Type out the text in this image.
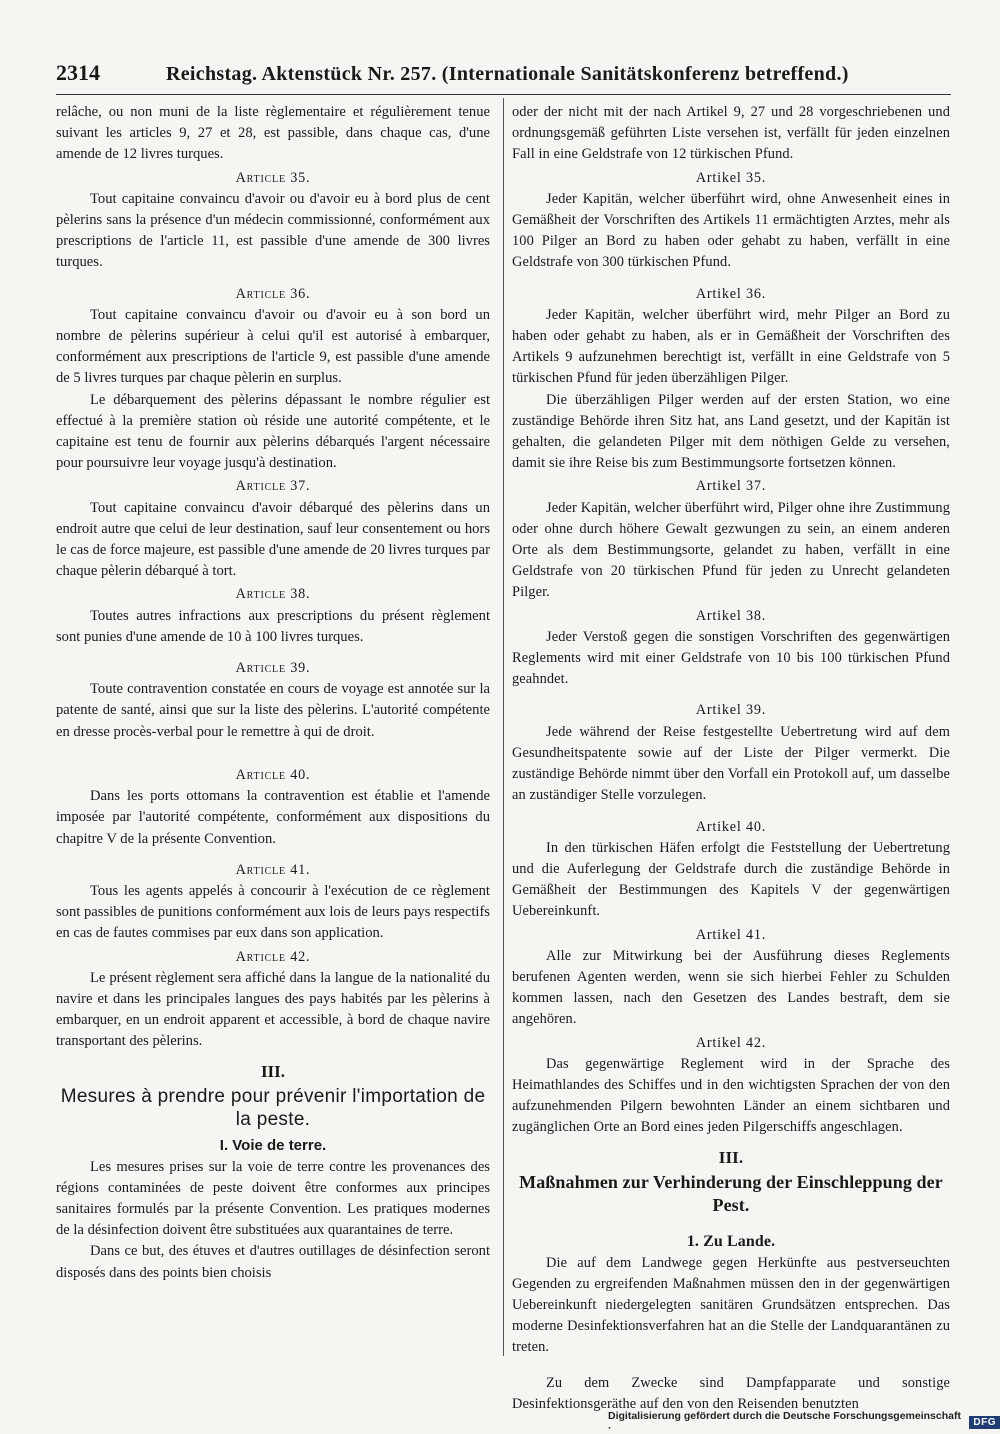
2314	Reichstag. Aktenstück Nr. 257. (Internationale Sanitätskonferenz betreffend.)

relâche, ou non muni de la liste règlementaire et régulièrement tenue suivant les articles 9, 27 et 28, est passible, dans chaque cas, d'une amende de 12 livres turques.

Article 35.

Tout capitaine convaincu d'avoir ou d'avoir eu à bord plus de cent pèlerins sans la présence d'un médecin commissionné, conformément aux prescriptions de l'article 11, est passible d'une amende de 300 livres turques.

Article 36.

Tout capitaine convaincu d'avoir ou d'avoir eu à son bord un nombre de pèlerins supérieur à celui qu'il est autorisé à embarquer, conformément aux prescriptions de l'article 9, est passible d'une amende de 5 livres turques par chaque pèlerin en surplus.

Le débarquement des pèlerins dépassant le nombre régulier est effectué à la première station où réside une autorité compétente, et le capitaine est tenu de fournir aux pèlerins débarqués l'argent nécessaire pour poursuivre leur voyage jusqu'à destination.

Article 37.

Tout capitaine convaincu d'avoir débarqué des pèlerins dans un endroit autre que celui de leur destination, sauf leur consentement ou hors le cas de force majeure, est passible d'une amende de 20 livres turques par chaque pèlerin débarqué à tort.

Article 38.

Toutes autres infractions aux prescriptions du présent règlement sont punies d'une amende de 10 à 100 livres turques.

Article 39.

Toute contravention constatée en cours de voyage est annotée sur la patente de santé, ainsi que sur la liste des pèlerins. L'autorité compétente en dresse procès-verbal pour le remettre à qui de droit.

Article 40.

Dans les ports ottomans la contravention est établie et l'amende imposée par l'autorité compétente, conformément aux dispositions du chapitre V de la présente Convention.

Article 41.

Tous les agents appelés à concourir à l'exécution de ce règlement sont passibles de punitions conformément aux lois de leurs pays respectifs en cas de fautes commises par eux dans son application.

Article 42.

Le présent règlement sera affiché dans la langue de la nationalité du navire et dans les principales langues des pays habités par les pèlerins à embarquer, en un endroit apparent et accessible, à bord de chaque navire transportant des pèlerins.

III.
Mesures à prendre pour prévenir l'importation de la peste.
I. Voie de terre.

Les mesures prises sur la voie de terre contre les provenances des régions contaminées de peste doivent être conformes aux principes sanitaires formulés par la présente Convention. Les pratiques modernes de la désinfection doivent être substituées aux quarantaines de terre.

Dans ce but, des étuves et d'autres outillages de désinfection seront disposés dans des points bien choisis

oder der nicht mit der nach Artikel 9, 27 und 28 vorgeschriebenen und ordnungsgemäß geführten Liste versehen ist, verfällt für jeden einzelnen Fall in eine Geldstrafe von 12 türkischen Pfund.

Artikel 35.

Jeder Kapitän, welcher überführt wird, ohne Anwesenheit eines in Gemäßheit der Vorschriften des Artikels 11 ermächtigten Arztes, mehr als 100 Pilger an Bord zu haben oder gehabt zu haben, verfällt in eine Geldstrafe von 300 türkischen Pfund.

Artikel 36.

Jeder Kapitän, welcher überführt wird, mehr Pilger an Bord zu haben oder gehabt zu haben, als er in Gemäßheit der Vorschriften des Artikels 9 aufzunehmen berechtigt ist, verfällt in eine Geldstrafe von 5 türkischen Pfund für jeden überzähligen Pilger.

Die überzähligen Pilger werden auf der ersten Station, wo eine zuständige Behörde ihren Sitz hat, ans Land gesetzt, und der Kapitän ist gehalten, die gelandeten Pilger mit dem nöthigen Gelde zu versehen, damit sie ihre Reise bis zum Bestimmungsorte fortsetzen können.

Artikel 37.

Jeder Kapitän, welcher überführt wird, Pilger ohne ihre Zustimmung oder ohne durch höhere Gewalt gezwungen zu sein, an einem anderen Orte als dem Bestimmungsorte, gelandet zu haben, verfällt in eine Geldstrafe von 20 türkischen Pfund für jeden zu Unrecht gelandeten Pilger.

Artikel 38.

Jeder Verstoß gegen die sonstigen Vorschriften des gegenwärtigen Reglements wird mit einer Geldstrafe von 10 bis 100 türkischen Pfund geahndet.

Artikel 39.

Jede während der Reise festgestellte Uebertretung wird auf dem Gesundheitspatente sowie auf der Liste der Pilger vermerkt. Die zuständige Behörde nimmt über den Vorfall ein Protokoll auf, um dasselbe an zuständiger Stelle vorzulegen.

Artikel 40.

In den türkischen Häfen erfolgt die Feststellung der Uebertretung und die Auferlegung der Geldstrafe durch die zuständige Behörde in Gemäßheit der Bestimmungen des Kapitels V der gegenwärtigen Uebereinkunft.

Artikel 41.

Alle zur Mitwirkung bei der Ausführung dieses Reglements berufenen Agenten werden, wenn sie sich hierbei Fehler zu Schulden kommen lassen, nach den Gesetzen des Landes bestraft, dem sie angehören.

Artikel 42.

Das gegenwärtige Reglement wird in der Sprache des Heimathlandes des Schiffes und in den wichtigsten Sprachen der von den aufzunehmenden Pilgern bewohnten Länder an einem sichtbaren und zugänglichen Orte an Bord eines jeden Pilgerschiffs angeschlagen.

III.
Maßnahmen zur Verhinderung der Einschleppung der Pest.
1. Zu Lande.

Die auf dem Landwege gegen Herkünfte aus pestverseuchten Gegenden zu ergreifenden Maßnahmen müssen den in der gegenwärtigen Uebereinkunft niedergelegten sanitären Grundsätzen entsprechen. Das moderne Desinfektionsverfahren hat an die Stelle der Landquarantänen zu treten.

Zu dem Zwecke sind Dampfapparate und sonstige Desinfektionsgeräthe auf den von den Reisenden benutzten

Digitalisierung gefördert durch die Deutsche Forschungsgemeinschaft ·	DFG
